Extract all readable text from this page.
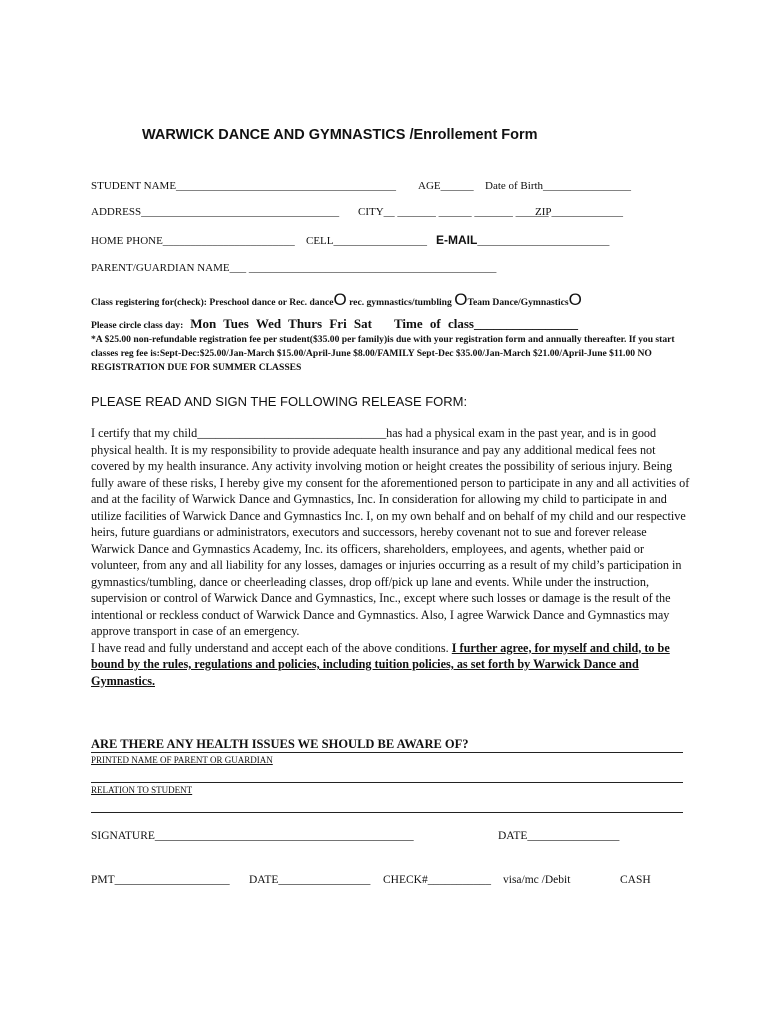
WARWICK DANCE AND GYMNASTICS /Enrollement Form
STUDENT NAME________________________________________ AGE______ Date of Birth________________
ADDRESS____________________________________ CITY__ _______ ______ _______ ______
ZIP_____________
HOME PHONE________________________ CELL_________________ E-MAIL________________________
PARENT/GUARDIAN NAME___ _____________________________________________
Class registering for(check): Preschool dance or Rec. danceO rec. gymnastics/tumbling OTeam Dance/GymnasticsO
Please circle class day: Mon Tues Wed Thurs Fri Sat Time of class________________
*A $25.00 non-refundable registration fee per student($35.00 per family)is due with your registration form and annually thereafter. If you start classes reg fee is:Sept-Dec:$25.00/Jan-March $15.00/April-June $8.00/FAMILY Sept-Dec $35.00/Jan-March $21.00/April-June $11.00 NO REGISTRATION DUE FOR SUMMER CLASSES
PLEASE READ AND SIGN THE FOLLOWING RELEASE FORM:
I certify that my child_______________________________has had a physical exam in the past year, and is in good physical health. It is my responsibility to provide adequate health insurance and pay any additional medical fees not covered by my health insurance. Any activity involving motion or height creates the possibility of serious injury. Being fully aware of these risks, I hereby give my consent for the aforementioned person to participate in any and all activities of and at the facility of Warwick Dance and Gymnastics, Inc. In consideration for allowing my child to participate in and utilize facilities of Warwick Dance and Gymnastics Inc. I, on my own behalf and on behalf of my child and our respective heirs, future guardians or administrators, executors and successors, hereby covenant not to sue and forever release Warwick Dance and Gymnastics Academy, Inc. its officers, shareholders, employees, and agents, whether paid or volunteer, from any and all liability for any losses, damages or injuries occurring as a result of my child’s participation in gymnastics/tumbling, dance or cheerleading classes, drop off/pick up lane and events. While under the instruction, supervision or control of Warwick Dance and Gymnastics, Inc., except where such losses or damage is the result of the intentional or reckless conduct of Warwick Dance and Gymnastics. Also, I agree Warwick Dance and Gymnastics may approve transport in case of an emergency.
I have read and fully understand and accept each of the above conditions. I further agree, for myself and child, to be bound by the rules, regulations and policies, including tuition policies, as set forth by Warwick Dance and Gymnastics.
ARE THERE ANY HEALTH ISSUES WE SHOULD BE AWARE OF?
PRINTED NAME OF PARENT OR GUARDIAN
RELATION TO STUDENT
SIGNATURE_____________________________________________	DATE________________
PMT____________________ DATE________________ CHECK#___________ visa/mc /Debit	CASH
